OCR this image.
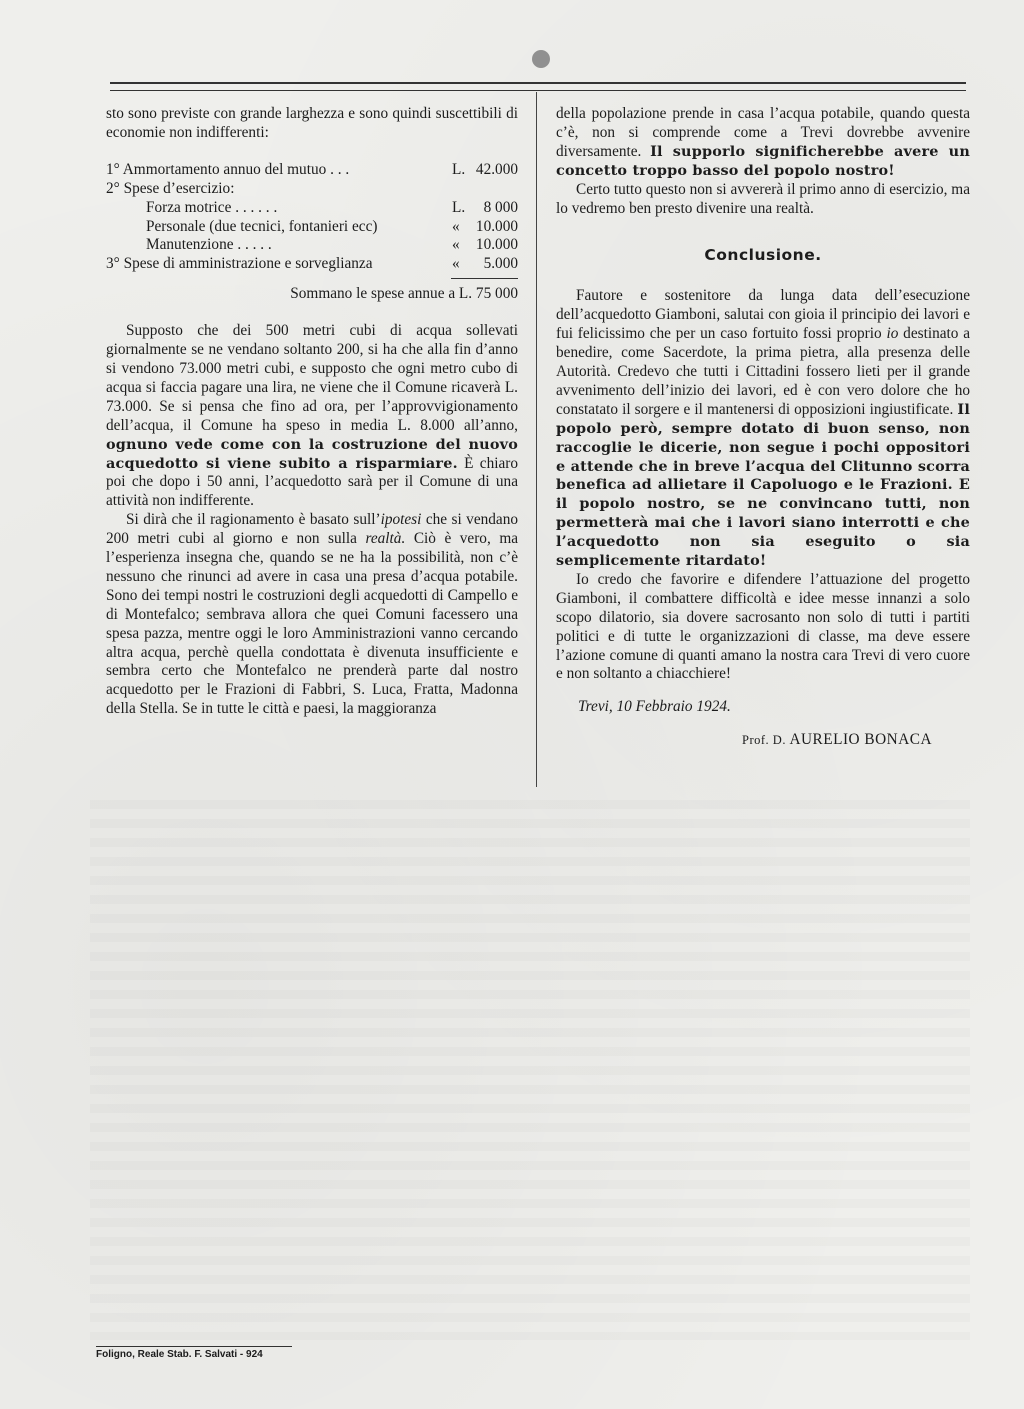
sto sono previste con grande larghezza e sono quindi suscettibili di economie non indifferenti:

1° Ammortamento annuo del mutuo . . .	L. 42.000
2° Spese d’esercizio:
Forza motrice . . . . . .	L.	8 000
Personale (due tecnici, fontanieri ecc)	«	10.000
Manutenzione . . . . .	«	10.000
3° Spese di amministrazione e sorveglianza	«	5.000

Sommano le spese annue a L. 75 000

Supposto che dei 500 metri cubi di acqua sollevati giornalmente se ne vendano soltanto 200, si ha che alla fin d’anno si vendono 73.000 metri cubi, e supposto che ogni metro cubo di acqua si faccia pagare una lira, ne viene che il Comune ricaverà L. 73.000. Se si pensa che fino ad ora, per l’approvvigionamento dell’acqua, il Comune ha speso in media L. 8.000 all’anno, ognuno vede come con la costruzione del nuovo acquedotto si viene subito a risparmiare. È chiaro poi che dopo i 50 anni, l’acquedotto sarà per il Comune di una attività non indifferente.

Si dirà che il ragionamento è basato sull’ipotesi che si vendano 200 metri cubi al giorno e non sulla realtà. Ciò è vero, ma l’esperienza insegna che, quando se ne ha la possibilità, non c’è nessuno che rinunci ad avere in casa una presa d’acqua potabile. Sono dei tempi nostri le costruzioni degli acquedotti di Campello e di Montefalco; sembrava allora che quei Comuni facessero una spesa pazza, mentre oggi le loro Amministrazioni vanno cercando altra acqua, perchè quella condottata è divenuta insufficiente e sembra certo che Montefalco ne prenderà parte dal nostro acquedotto per le Frazioni di Fabbri, S. Luca, Fratta, Madonna della Stella. Se in tutte le città e paesi, la maggioranza

della popolazione prende in casa l’acqua potabile, quando questa c’è, non si comprende come a Trevi dovrebbe avvenire diversamente. Il supporlo significherebbe avere un concetto troppo basso del popolo nostro!

Certo tutto questo non si avvererà il primo anno di esercizio, ma lo vedremo ben presto divenire una realtà.

Conclusione.

Fautore e sostenitore da lunga data dell’esecuzione dell’acquedotto Giamboni, salutai con gioia il principio dei lavori e fui felicissimo che per un caso fortuito fossi proprio io destinato a benedire, come Sacerdote, la prima pietra, alla presenza delle Autorità. Credevo che tutti i Cittadini fossero lieti per il grande avvenimento dell’inizio dei lavori, ed è con vero dolore che ho constatato il sorgere e il mantenersi di opposizioni ingiustificate. Il popolo però, sempre dotato di buon senso, non raccoglie le dicerie, non segue i pochi oppositori e attende che in breve l’acqua del Clitunno scorra benefica ad allietare il Capoluogo e le Frazioni. E il popolo nostro, se ne convincano tutti, non permetterà mai che i lavori siano interrotti e che l’acquedotto non sia eseguito o sia semplicemente ritardato!

Io credo che favorire e difendere l’attuazione del progetto Giamboni, il combattere difficoltà e idee messe innanzi a solo scopo dilatorio, sia dovere sacrosanto non solo di tutti i partiti politici e di tutte le organizzazioni di classe, ma deve essere l’azione comune di quanti amano la nostra cara Trevi di vero cuore e non soltanto a chiacchiere!

Trevi, 10 Febbraio 1924.

Prof. D. AURELIO BONACA

Foligno, Reale Stab. F. Salvati - 924
